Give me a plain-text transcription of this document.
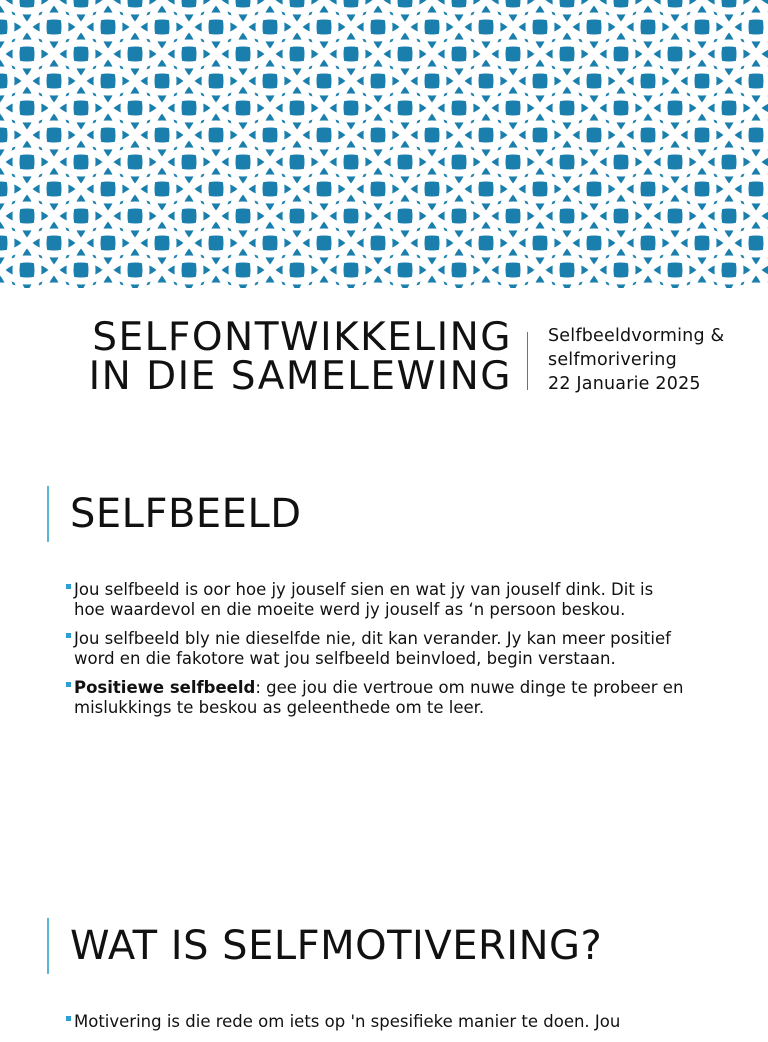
SELFONTWIKKELING
IN DIE SAMELEWING
Selfbeeldvorming &
selfmorivering
22 Januarie 2025
SELFBEELD
Jou selfbeeld is oor hoe jy jouself sien en wat jy van jouself dink. Dit is hoe waardevol en die moeite werd jy jouself as ‘n persoon beskou.
Jou selfbeeld bly nie dieselfde nie, dit kan verander. Jy kan meer positief word en die fakotore wat jou selfbeeld beinvloed, begin verstaan.
Positiewe selfbeeld: gee jou die vertroue om nuwe dinge te probeer en mislukkings te beskou as geleenthede om te leer.
WAT IS SELFMOTIVERING?
Motivering is die rede om iets op 'n spesifieke manier te doen. Jou
